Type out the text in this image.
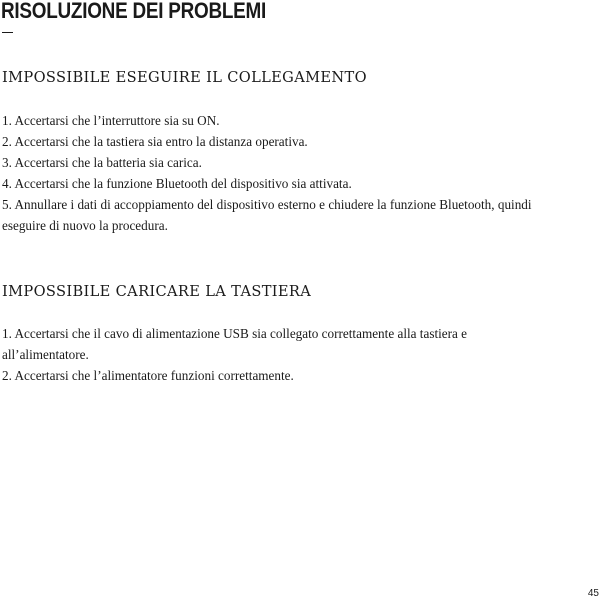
RISOLUZIONE DEI PROBLEMI
IMPOSSIBILE ESEGUIRE IL COLLEGAMENTO
1. Accertarsi che l’interruttore sia su ON.
2. Accertarsi che la tastiera sia entro la distanza operativa.
3. Accertarsi che la batteria sia carica.
4. Accertarsi che la funzione Bluetooth del dispositivo sia attivata.
5. Annullare i dati di accoppiamento del dispositivo esterno e chiudere la funzione Bluetooth, quindi eseguire di nuovo la procedura.
IMPOSSIBILE CARICARE LA TASTIERA
1. Accertarsi che il cavo di alimentazione USB sia collegato correttamente alla tastiera e all’alimentatore.
2. Accertarsi che l’alimentatore funzioni correttamente.
45
